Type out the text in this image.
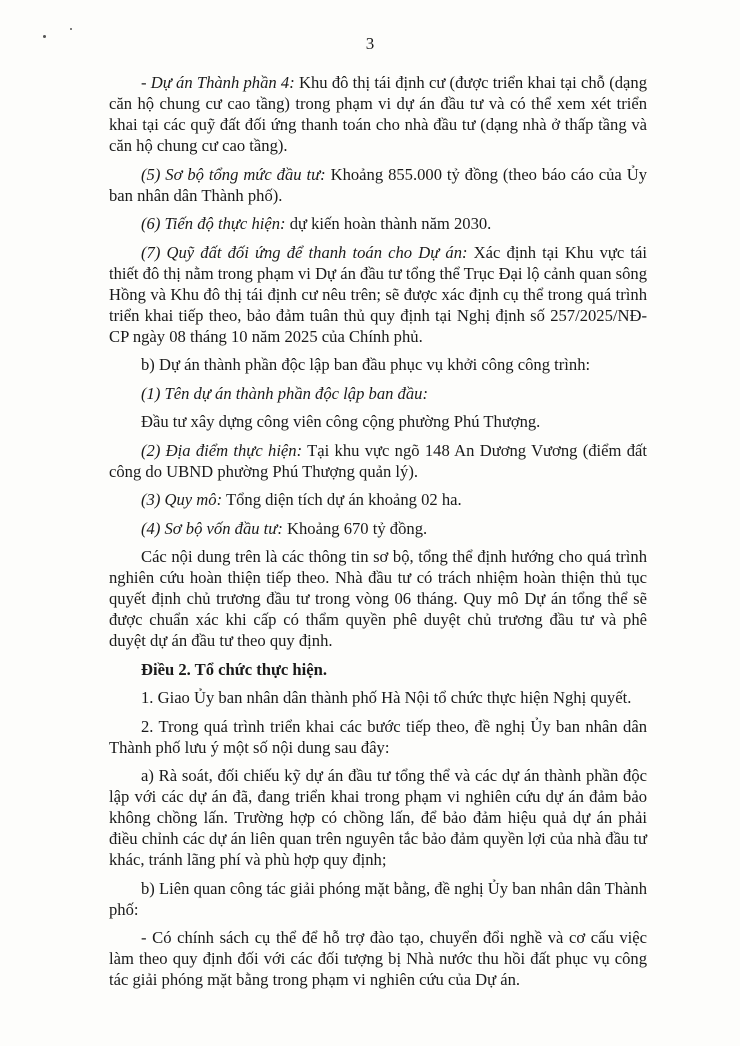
3

- Dự án Thành phần 4: Khu đô thị tái định cư (được triển khai tại chỗ (dạng căn hộ chung cư cao tầng) trong phạm vi dự án đầu tư và có thể xem xét triển khai tại các quỹ đất đối ứng thanh toán cho nhà đầu tư (dạng nhà ở thấp tầng và căn hộ chung cư cao tầng).

(5) Sơ bộ tổng mức đầu tư: Khoảng 855.000 tỷ đồng (theo báo cáo của Ủy ban nhân dân Thành phố).

(6) Tiến độ thực hiện: dự kiến hoàn thành năm 2030.

(7) Quỹ đất đối ứng để thanh toán cho Dự án: Xác định tại Khu vực tái thiết đô thị nằm trong phạm vi Dự án đầu tư tổng thể Trục Đại lộ cảnh quan sông Hồng và Khu đô thị tái định cư nêu trên; sẽ được xác định cụ thể trong quá trình triển khai tiếp theo, bảo đảm tuân thủ quy định tại Nghị định số 257/2025/NĐ-CP ngày 08 tháng 10 năm 2025 của Chính phủ.

b) Dự án thành phần độc lập ban đầu phục vụ khởi công công trình:

(1) Tên dự án thành phần độc lập ban đầu:

Đầu tư xây dựng công viên công cộng phường Phú Thượng.

(2) Địa điểm thực hiện: Tại khu vực ngõ 148 An Dương Vương (điểm đất công do UBND phường Phú Thượng quản lý).

(3) Quy mô: Tổng diện tích dự án khoảng 02 ha.

(4) Sơ bộ vốn đầu tư: Khoảng 670 tỷ đồng.

Các nội dung trên là các thông tin sơ bộ, tổng thể định hướng cho quá trình nghiên cứu hoàn thiện tiếp theo. Nhà đầu tư có trách nhiệm hoàn thiện thủ tục quyết định chủ trương đầu tư trong vòng 06 tháng. Quy mô Dự án tổng thể sẽ được chuẩn xác khi cấp có thẩm quyền phê duyệt chủ trương đầu tư và phê duyệt dự án đầu tư theo quy định.

Điều 2. Tổ chức thực hiện.

1. Giao Ủy ban nhân dân thành phố Hà Nội tổ chức thực hiện Nghị quyết.

2. Trong quá trình triển khai các bước tiếp theo, đề nghị Ủy ban nhân dân Thành phố lưu ý một số nội dung sau đây:

a) Rà soát, đối chiếu kỹ dự án đầu tư tổng thể và các dự án thành phần độc lập với các dự án đã, đang triển khai trong phạm vi nghiên cứu dự án đảm bảo không chồng lấn. Trường hợp có chồng lấn, để bảo đảm hiệu quả dự án phải điều chỉnh các dự án liên quan trên nguyên tắc bảo đảm quyền lợi của nhà đầu tư khác, tránh lãng phí và phù hợp quy định;

b) Liên quan công tác giải phóng mặt bằng, đề nghị Ủy ban nhân dân Thành phố:

- Có chính sách cụ thể để hỗ trợ đào tạo, chuyển đổi nghề và cơ cấu việc làm theo quy định đối với các đối tượng bị Nhà nước thu hồi đất phục vụ công tác giải phóng mặt bằng trong phạm vi nghiên cứu của Dự án.
